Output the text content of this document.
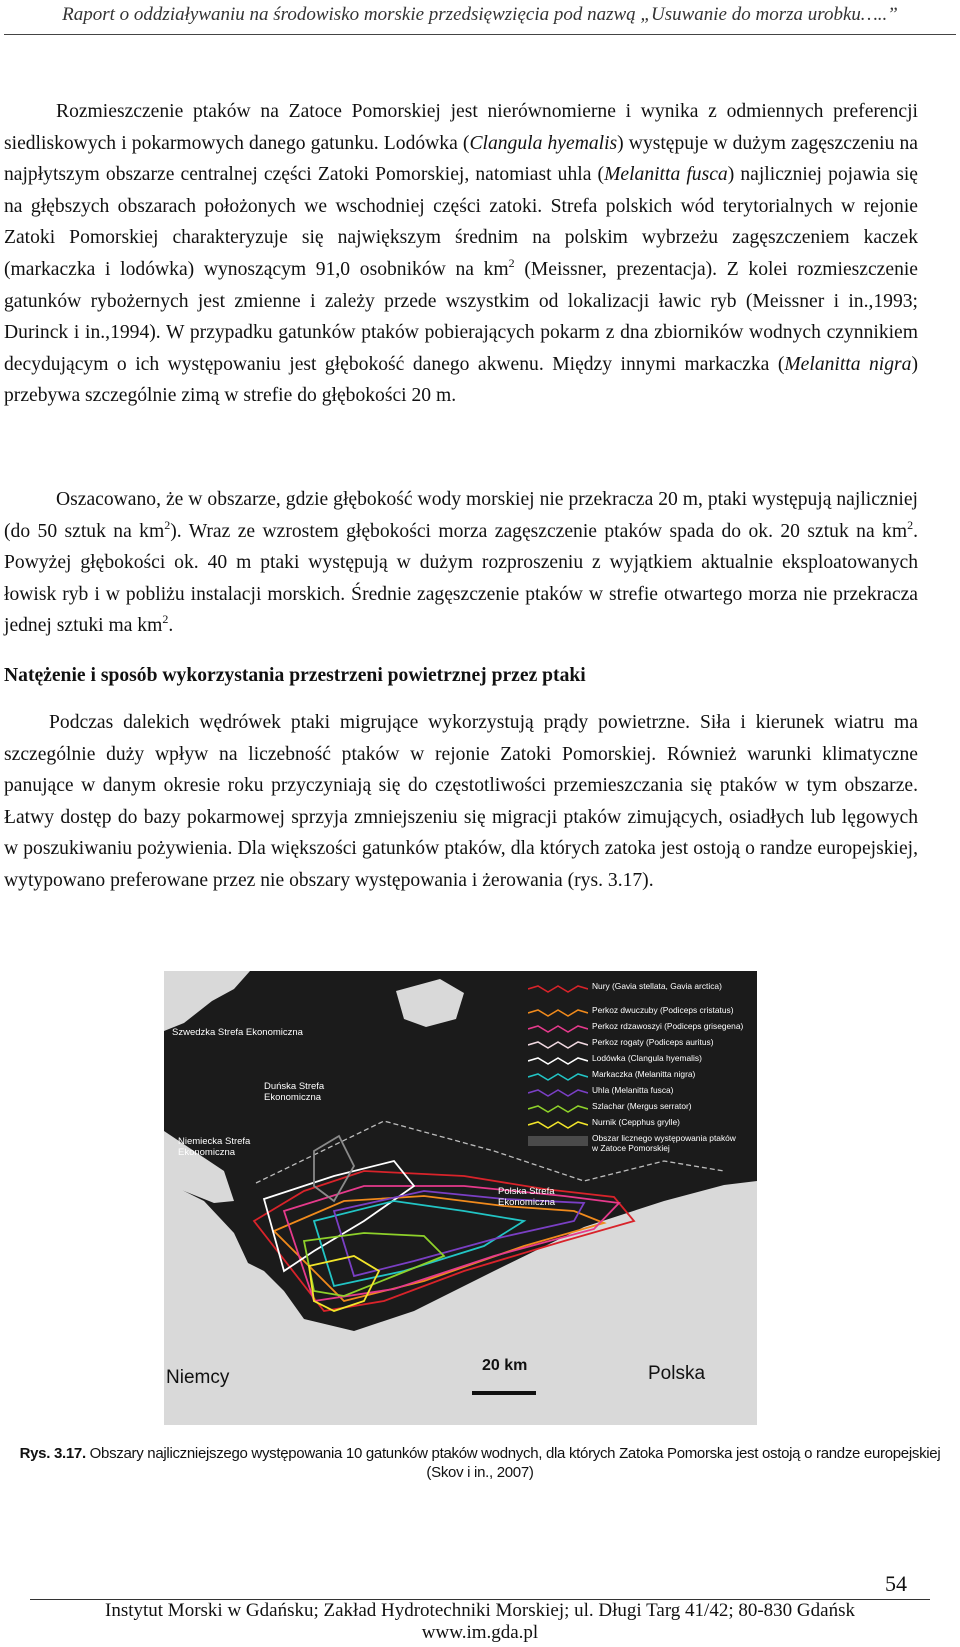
Raport o oddziaływaniu na środowisko morskie przedsięwzięcia pod nazwą „Usuwanie do morza urobku…..”

Rozmieszczenie ptaków na Zatoce Pomorskiej jest nierównomierne i wynika z odmiennych preferencji siedliskowych i pokarmowych danego gatunku. Lodówka (Clangula hyemalis) występuje w dużym zagęszczeniu na najpłytszym obszarze centralnej części Zatoki Pomorskiej, natomiast uhla (Melanitta fusca) najliczniej pojawia się na głębszych obszarach położonych we wschodniej części zatoki. Strefa polskich wód terytorialnych w rejonie Zatoki Pomorskiej charakteryzuje się największym średnim na polskim wybrzeżu zagęszczeniem kaczek (markaczka i lodówka) wynoszącym 91,0 osobników na $km^2$ (Meissner, prezentacja). Z kolei rozmieszczenie gatunków rybożernych jest zmienne i zależy przede wszystkim od lokalizacji ławic ryb (Meissner i in.,1993; Durinck i in.,1994). W przypadku gatunków ptaków pobierających pokarm z dna zbiorników wodnych czynnikiem decydującym o ich występowaniu jest głębokość danego akwenu. Między innymi markaczka (Melanitta nigra) przebywa szczególnie zimą w strefie do głębokości 20 m.

Oszacowano, że w obszarze, gdzie głębokość wody morskiej nie przekracza 20 m, ptaki występują najliczniej (do 50 sztuk na $km^2$). Wraz ze wzrostem głębokości morza zagęszczenie ptaków spada do ok. 20 sztuk na $km^2$. Powyżej głębokości ok. 40 m ptaki występują w dużym rozproszeniu z wyjątkiem aktualnie eksploatowanych łowisk ryb i w pobliżu instalacji morskich. Średnie zagęszczenie ptaków w strefie otwartego morza nie przekracza jednej sztuki ma $km^2$.

Natężenie i sposób wykorzystania przestrzeni powietrznej przez ptaki

Podczas dalekich wędrówek ptaki migrujące wykorzystują prądy powietrzne. Siła i kierunek wiatru ma szczególnie duży wpływ na liczebność ptaków w rejonie Zatoki Pomorskiej. Również warunki klimatyczne panujące w danym okresie roku przyczyniają się do częstotliwości przemieszczania się ptaków w tym obszarze. Łatwy dostęp do bazy pokarmowej sprzyja zmniejszeniu się migracji ptaków zimujących, osiadłych lub lęgowych w poszukiwaniu pożywienia. Dla większości gatunków ptaków, dla których zatoka jest ostoją o randze europejskiej, wytypowano preferowane przez nie obszary występowania i żerowania (rys. 3.17).

Szwedzka Strefa Ekonomiczna
Duńska Strefa Ekonomiczna
Niemiecka Strefa Ekonomiczna
Polska Strefa Ekonomiczna
Niemcy	Polska
20 km
Nury (Gavia stellata, Gavia arctica)
Perkoz dwuczuby (Podiceps cristatus)
Perkoz rdzawoszyi (Podiceps grisegena)
Perkoz rogaty (Podiceps auritus)
Lodówka (Clangula hyemalis)
Markaczka (Melanitta nigra)
Uhla (Melanitta fusca)
Szlachar (Mergus serrator)
Nurnik (Cepphus grylle)
Obszar licznego występowania ptaków w Zatoce Pomorskiej
Rys. 3.17. Obszary najliczniejszego występowania 10 gatunków ptaków wodnych, dla których Zatoka Pomorska jest ostoją o randze europejskiej (Skov i in., 2007)
54
Instytut Morski w Gdańsku; Zakład Hydrotechniki Morskiej; ul. Długi Targ 41/42; 80-830 Gdańsk
www.im.gda.pl
